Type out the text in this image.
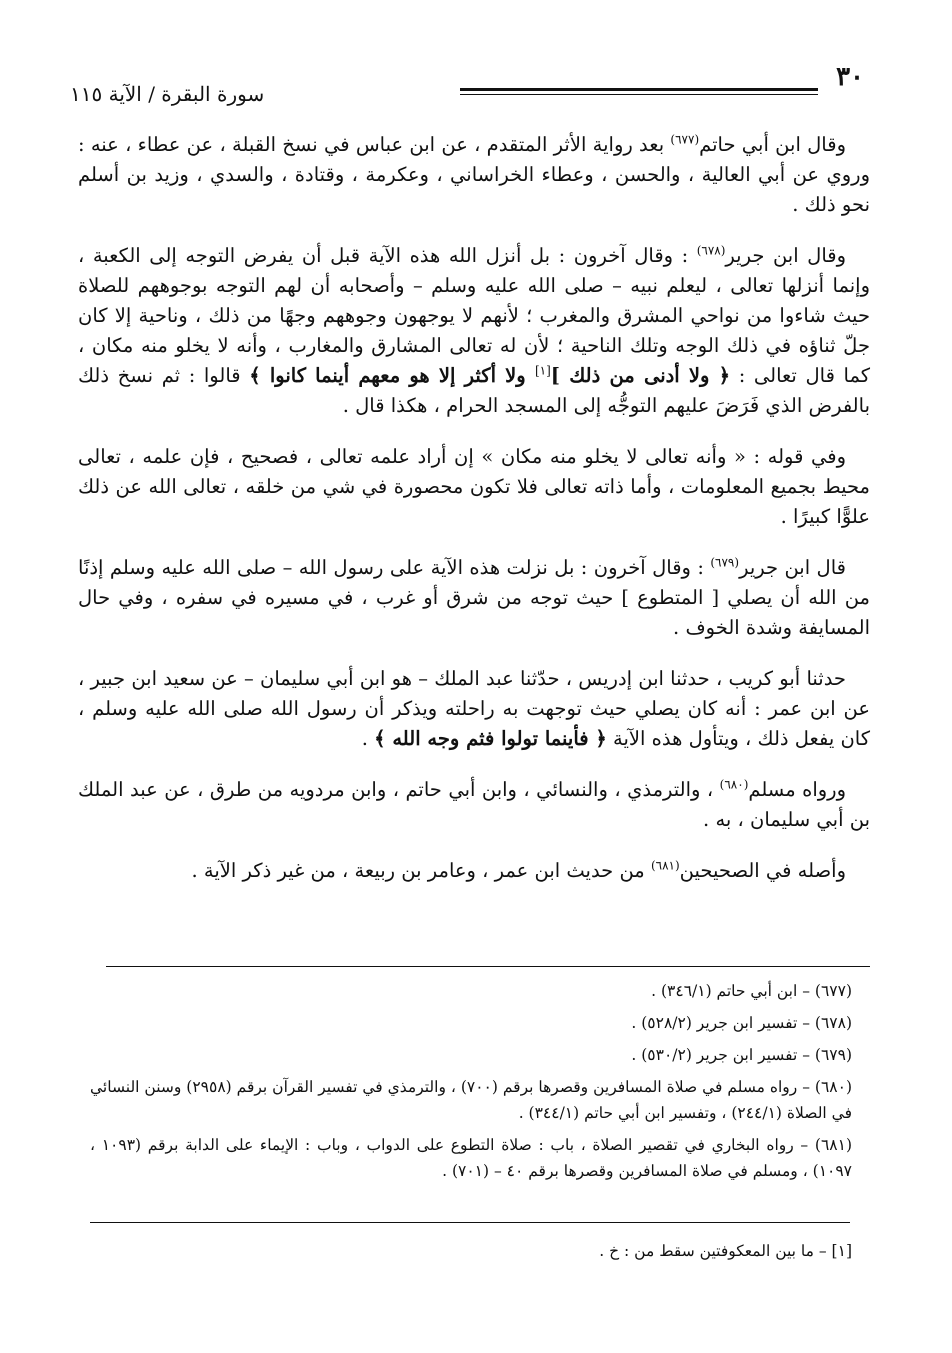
٣٠
سورة البقرة / الآية ١١٥

وقال ابن أبي حاتم$^{(٦٧٧)}$ بعد رواية الأثر المتقدم ، عن ابن عباس في نسخ القبلة ، عن عطاء ، عنه : وروي عن أبي العالية ، والحسن ، وعطاء الخراساني ، وعكرمة ، وقتادة ، والسدي ، وزيد بن أسلم نحو ذلك .

وقال ابن جرير$^{(٦٧٨)}$ : وقال آخرون : بل أنزل الله هذه الآية قبل أن يفرض التوجه إلى الكعبة ، وإنما أنزلها تعالى ، ليعلم نبيه – صلى الله عليه وسلم – وأصحابه أن لهم التوجه بوجوههم للصلاة حيث شاءوا من نواحي المشرق والمغرب ؛ لأنهم لا يوجهون وجوههم وجهًا من ذلك ، وناحية إلا كان جلّ ثناؤه في ذلك الوجه وتلك الناحية ؛ لأن له تعالى المشارق والمغارب ، وأنه لا يخلو منه مكان ، كما قال تعالى : ﴿ ولا أدنى من ذلك ][١] ولا أكثر إلا هو معهم أينما كانوا ﴾ قالوا : ثم نسخ ذلك بالفرض الذي فَرَضَ عليهم التوجُّه إلى المسجد الحرام ، هكذا قال .

وفي قوله : « وأنه تعالى لا يخلو منه مكان » إن أراد علمه تعالى ، فصحيح ، فإن علمه ، تعالى محيط بجميع المعلومات ، وأما ذاته تعالى فلا تكون محصورة في شي من خلقه ، تعالى الله عن ذلك علوًّا كبيرًا .

قال ابن جرير$^{(٦٧٩)}$ : وقال آخرون : بل نزلت هذه الآية على رسول الله – صلى الله عليه وسلم إذنًا من الله أن يصلي [ المتطوع ] حيث توجه من شرق أو غرب ، في مسيره في سفره ، وفي حال المسايفة وشدة الخوف .

حدثنا أبو كريب ، حدثنا ابن إدريس ، حدّثنا عبد الملك – هو ابن أبي سليمان – عن سعيد ابن جبير ، عن ابن عمر : أنه كان يصلي حيث توجهت به راحلته ويذكر أن رسول الله صلى الله عليه وسلم ، كان يفعل ذلك ، ويتأول هذه الآية ﴿ فأينما تولوا فثم وجه الله ﴾ .

ورواه مسلم$^{(٦٨٠)}$ ، والترمذي ، والنسائي ، وابن أبي حاتم ، وابن مردويه من طرق ، عن عبد الملك بن أبي سليمان ، به .

وأصله في الصحيحين$^{(٦٨١)}$ من حديث ابن عمر ، وعامر بن ربيعة ، من غير ذكر الآية .

(٦٧٧) – ابن أبي حاتم (٣٤٦/١) .

(٦٧٨) – تفسير ابن جرير (٥٢٨/٢) .

(٦٧٩) – تفسير ابن جرير (٥٣٠/٢) .

(٦٨٠) – رواه مسلم في صلاة المسافرين وقصرها برقم (٧٠٠) ، والترمذي في تفسير القرآن برقم (٢٩٥٨) وسنن النسائي في الصلاة (٢٤٤/١) ، وتفسير ابن أبي حاتم (٣٤٤/١) .

(٦٨١) – رواه البخاري في تقصير الصلاة ، باب : صلاة التطوع على الدواب ، وباب : الإيماء على الدابة برقم (١٠٩٣ ، ١٠٩٧) ، ومسلم في صلاة المسافرين وقصرها برقم ٤٠ – (٧٠١) .

[١] – ما بين المعكوفتين سقط من : خ .
